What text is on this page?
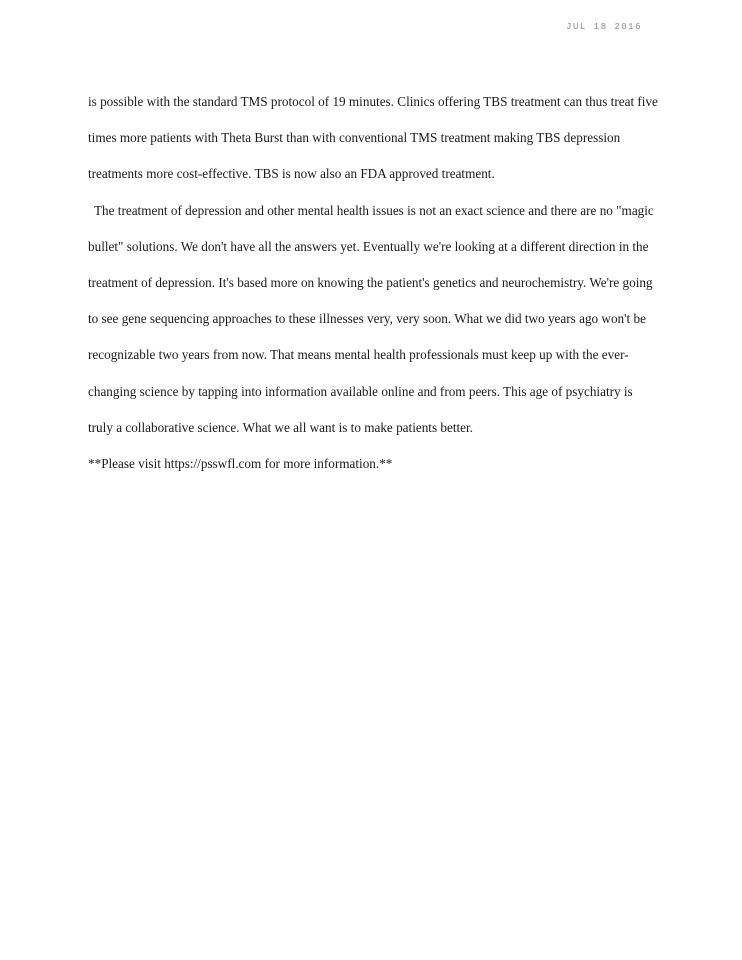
JUL 18 2016

is possible with the standard TMS protocol of 19 minutes. Clinics offering TBS treatment can thus treat five times more patients with Theta Burst than with conventional TMS treatment making TBS depression treatments more cost-effective. TBS is now also an FDA approved treatment.

The treatment of depression and other mental health issues is not an exact science and there are no "magic bullet" solutions. We don't have all the answers yet. Eventually we're looking at a different direction in the treatment of depression. It's based more on knowing the patient's genetics and neurochemistry. We're going to see gene sequencing approaches to these illnesses very, very soon. What we did two years ago won't be recognizable two years from now. That means mental health professionals must keep up with the ever-changing science by tapping into information available online and from peers. This age of psychiatry is truly a collaborative science. What we all want is to make patients better.

**Please visit https://psswfl.com for more information.**
